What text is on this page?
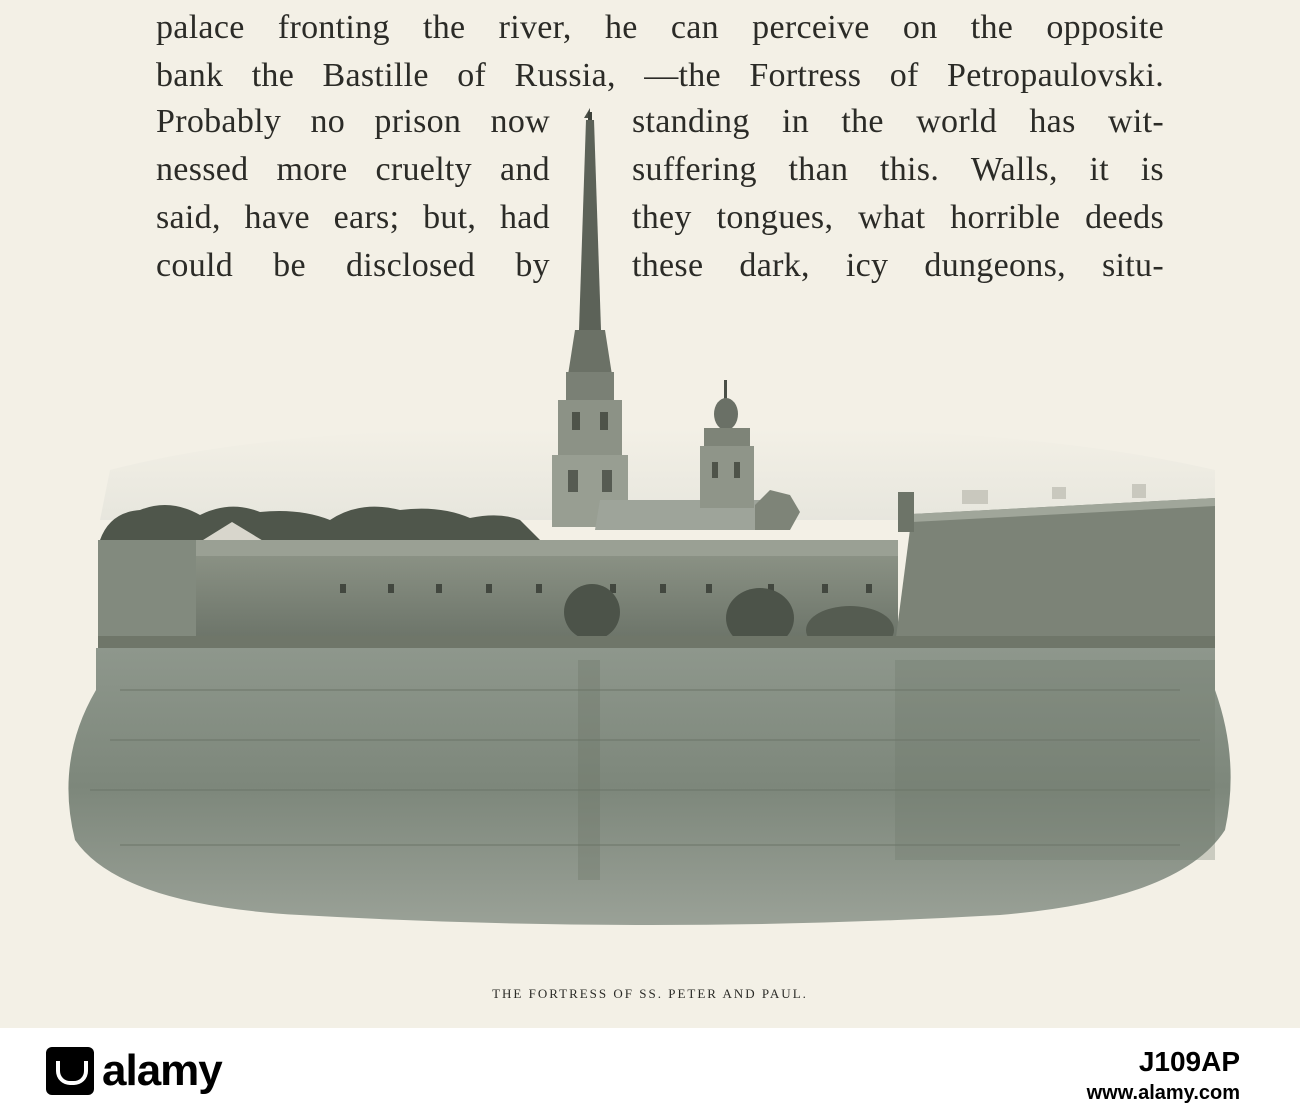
palace fronting the river, he can perceive on the opposite
bank the Bastille of Russia, —the Fortress of Petropaulovski.
Probably no prison now
nessed more cruelty and
said, have ears; but, had
could be disclosed by
standing in the world has wit-
suffering than this. Walls, it is
they tongues, what horrible deeds
these dark, icy dungeons, situ-
THE FORTRESS OF SS. PETER AND PAUL.
alamy	J109AP
www.alamy.com
